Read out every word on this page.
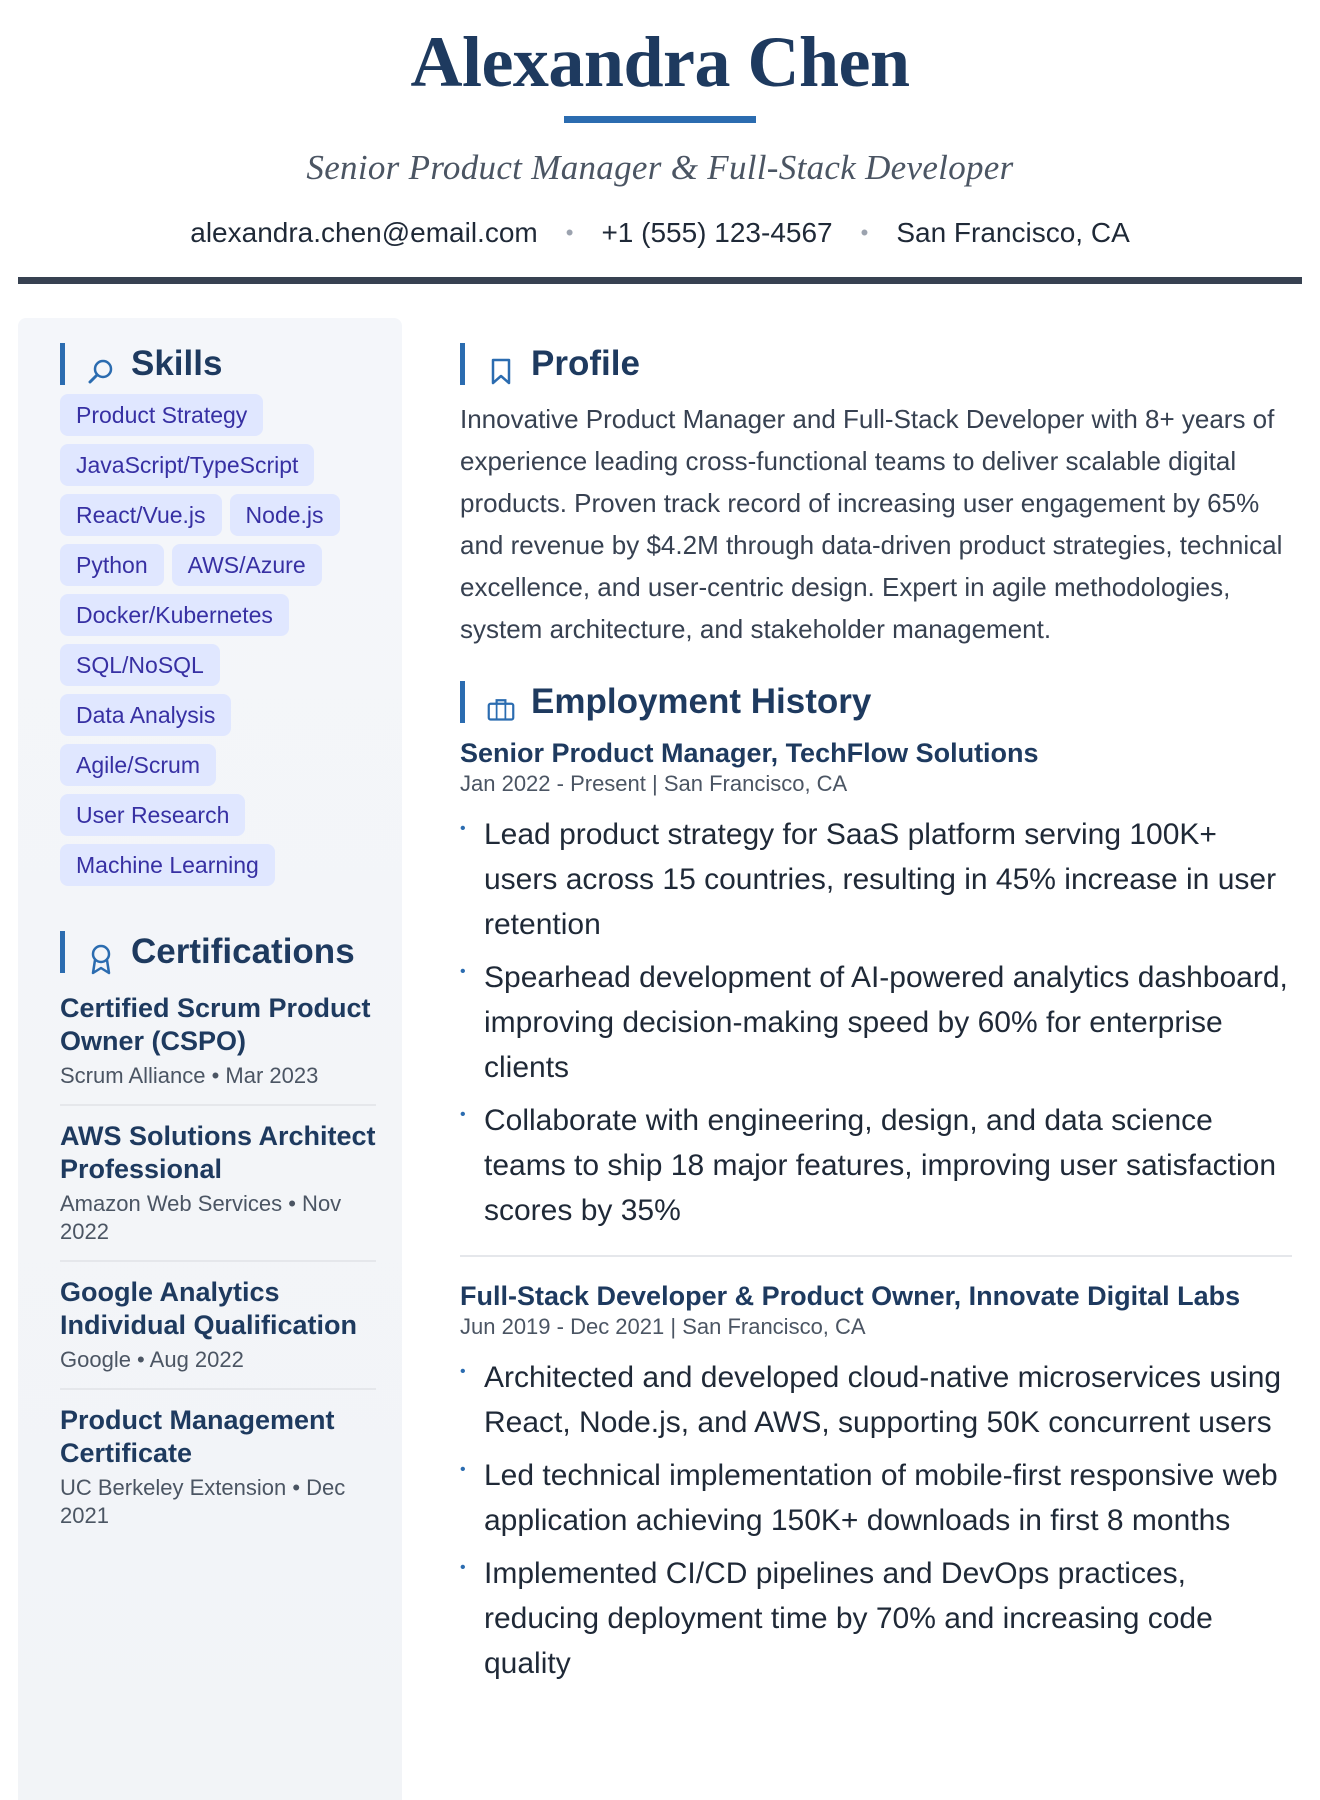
Alexandra Chen
Senior Product Manager & Full-Stack Developer
alexandra.chen@email.com • +1 (555) 123-4567 • San Francisco, CA
Skills
Product Strategy
JavaScript/TypeScript
React/Vue.js	Node.js
Python	AWS/Azure
Docker/Kubernetes
SQL/NoSQL
Data Analysis
Agile/Scrum
User Research
Machine Learning
Certifications
Certified Scrum Product Owner (CSPO)
Scrum Alliance • Mar 2023
AWS Solutions Architect Professional
Amazon Web Services • Nov 2022
Google Analytics Individual Qualification
Google • Aug 2022
Product Management Certificate
UC Berkeley Extension • Dec 2021
Profile

Innovative Product Manager and Full-Stack Developer with 8+ years of experience leading cross-functional teams to deliver scalable digital products. Proven track record of increasing user engagement by 65% and revenue by $4.2M through data-driven product strategies, technical excellence, and user-centric design. Expert in agile methodologies, system architecture, and stakeholder management.

Employment History
Senior Product Manager, TechFlow Solutions
Jan 2022 - Present | San Francisco, CA
• Lead product strategy for SaaS platform serving 100K+ users across 15 countries, resulting in 45% increase in user retention
• Spearhead development of AI-powered analytics dashboard, improving decision-making speed by 60% for enterprise clients
• Collaborate with engineering, design, and data science teams to ship 18 major features, improving user satisfaction scores by 35%
Full-Stack Developer & Product Owner, Innovate Digital Labs
Jun 2019 - Dec 2021 | San Francisco, CA
• Architected and developed cloud-native microservices using React, Node.js, and AWS, supporting 50K concurrent users
• Led technical implementation of mobile-first responsive web application achieving 150K+ downloads in first 8 months
• Implemented CI/CD pipelines and DevOps practices, reducing deployment time by 70% and increasing code quality
